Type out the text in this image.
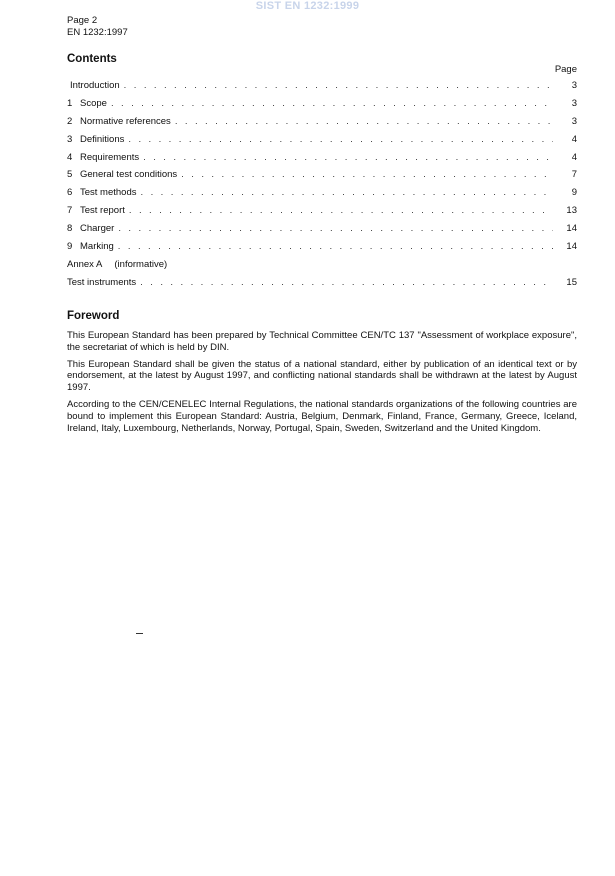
SIST EN 1232:1999
Page 2
EN 1232:1997
Contents
Page
Introduction . . .	3
1 Scope . . .	3
2 Normative references . . .	3
3 Definitions . . .	4
4 Requirements . . .	4
5 General test conditions . . .	7
6 Test methods . . .	9
7 Test report . . .	13
8 Charger . . .	14
9 Marking . . .	14
Annex A	(informative)
Test instruments . . .	15
Foreword

This European Standard has been prepared by Technical Committee CEN/TC 137 "Assessment of workplace exposure", the secretariat of which is held by DIN.

This European Standard shall be given the status of a national standard, either by publication of an identical text or by endorsement, at the latest by August 1997, and conflicting national standards shall be withdrawn at the latest by August 1997.

According to the CEN/CENELEC Internal Regulations, the national standards organizations of the following countries are bound to implement this European Standard: Austria, Belgium, Denmark, Finland, France, Germany, Greece, Iceland, Ireland, Italy, Luxembourg, Netherlands, Norway, Portugal, Spain, Sweden, Switzerland and the United Kingdom.
